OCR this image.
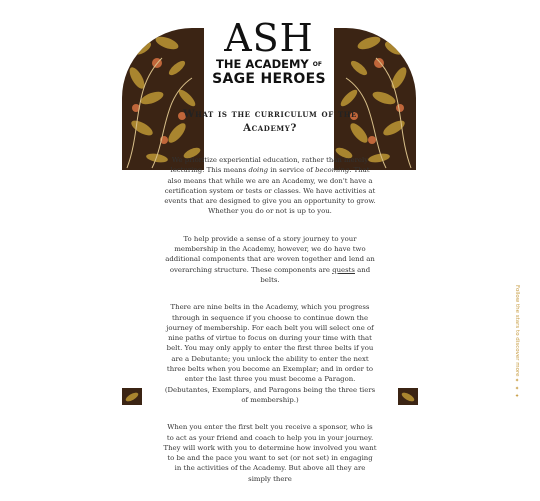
ASH
THE ACADEMY OF
SAGE HEROES
What is the curriculum of the Academy?

We prioritize experiential education, rather than merely lecturing. This means doing in service of becoming. That also means that while we are an Academy, we don't have a certification system or tests or classes. We have activities at events that are designed to give you an opportunity to grow. Whether you do or not is up to you.

To help provide a sense of a story journey to your membership in the Academy, however, we do have two additional components that are woven together and lend an overarching structure. These components are quests and belts.

There are nine belts in the Academy, which you progress through in sequence if you choose to continue down the journey of membership. For each belt you will select one of nine paths of virtue to focus on during your time with that belt. You may only apply to enter the first three belts if you are a Debutante; you unlock the ability to enter the next three belts when you become an Exemplar; and in order to enter the last three you must become a Paragon. (Debutantes, Exemplars, and Paragons being the three tiers of membership.)

When you enter the first belt you receive a sponsor, who is to act as your friend and coach to help you in your journey. They will work with you to determine how involved you want to be and the pace you want to set (or not set) in engaging in the activities of the Academy. But above all they are simply there

Follow the stars to discover more ✦ ✦ ✦
